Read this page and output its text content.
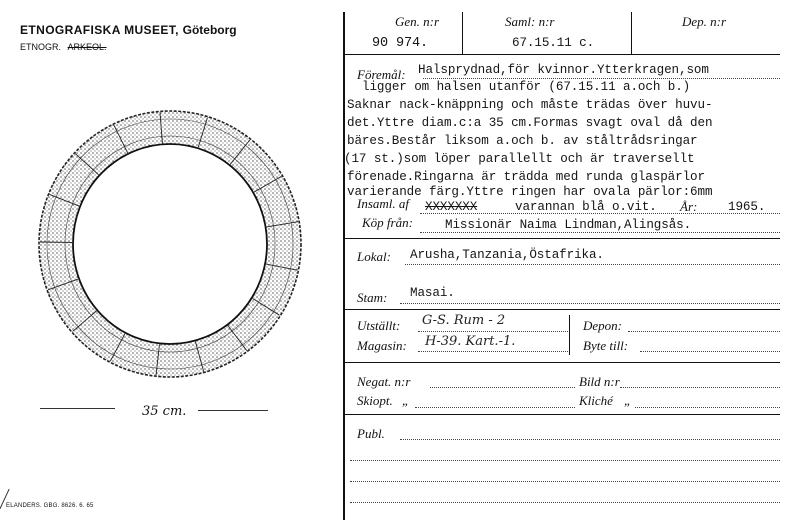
ETNOGRAFISKA MUSEET, Göteborg
ETNOGR. ARKEOL.
35 cm.
ELANDERS. GBG. 8626. 6. 65
Gen. n:r	Saml: n:r	Dep. n:r
90 974.	67.15.11 c.
Föremål: Halsprydnad,för kvinnor.Ytterkragen,som
ligger om halsen utanför (67.15.11 a.och b.)
Saknar nack-knäppning och måste trädas över huvu-
det.Yttre diam.c:a 35 cm.Formas svagt oval då den
bäres.Består liksom a.och b. av ståltrådsringar
(17 st.)som löper parallellt och är traversellt
förenade.Ringarna är trädda med runda glaspärlor
varierande färg.Yttre ringen har ovala pärlor:6mm
Insaml. af XXXXXXX	varannan blå o.vit. År: 1965.
Köp från:	Missionär Naima Lindman,Alingsås.
Lokal: Arusha,Tanzania,Östafrika.
Stam: Masai.
Utställt: G-S. Rum - 2
Magasin: H-39. Kart.-1.
Depon:
Byte till:
Negat. n:r	Bild n:r
Skiopt. „	Kliché „
Publ.
